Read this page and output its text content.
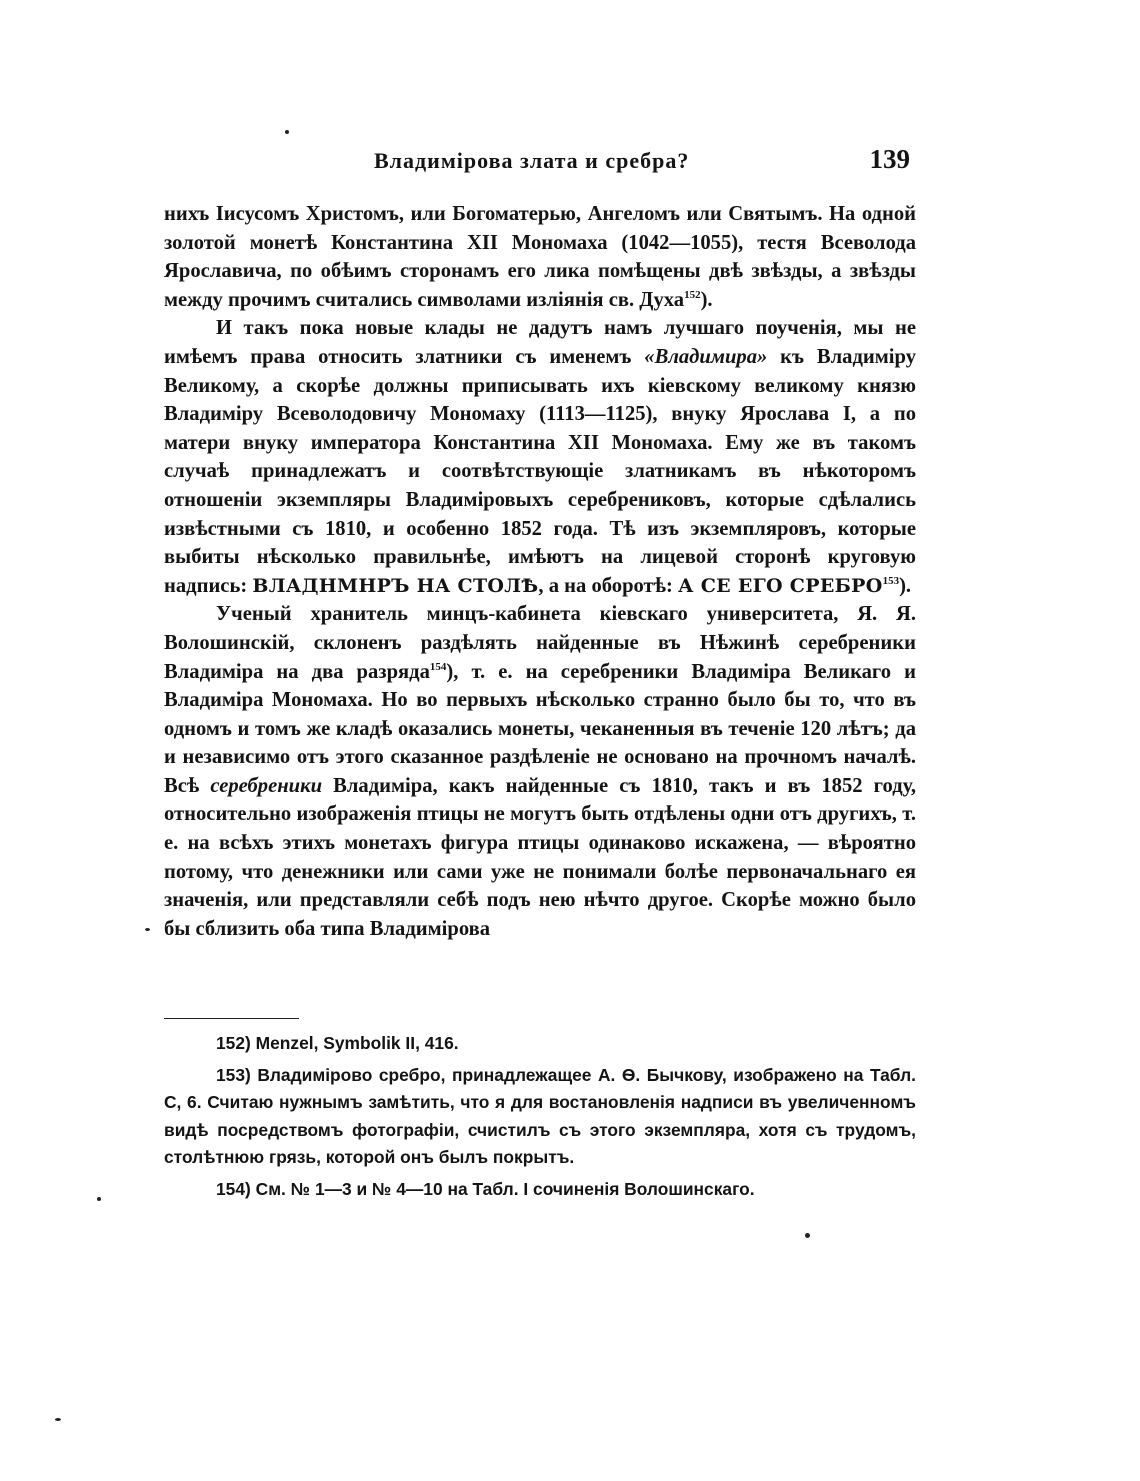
Владимірова злата и сребра?	139

нихъ Іисусомъ Христомъ, или Богоматерью, Ангеломъ или Святымъ. На одной золотой монетѣ Константина XII Мономаха (1042—1055), тестя Всеволода Ярославича, по обѣимъ сторонамъ его лика помѣщены двѣ звѣзды, а звѣзды между прочимъ считались символами изліянія св. Духа$^{152}$).

И такъ пока новые клады не дадутъ намъ лучшаго поученія, мы не имѣемъ права относить златники съ именемъ «Владимира» къ Владиміру Великому, а скорѣе должны приписывать ихъ кіевскому великому князю Владиміру Всеволодовичу Мономаху (1113—1125), внуку Ярослава I, а по матери внуку императора Константина XII Мономаха. Ему же въ такомъ случаѣ принадлежатъ и соотвѣтствующіе златникамъ въ нѣкоторомъ отношеніи экземпляры Владиміровыхъ серебрениковъ, которые сдѣлались извѣстными съ 1810, и особенно 1852 года. Тѣ изъ экземпляровъ, которые выбиты нѣсколько правильнѣе, имѣютъ на лицевой сторонѣ круговую надпись: ВЛАДНМНРЪ НА СТОЛѢ, а на оборотѣ: А СЕ ЕГО СРЕБРО$^{153}$).

Ученый хранитель минцъ-кабинета кіевскаго университета, Я. Я. Волошинскій, склоненъ раздѣлять найденные въ Нѣжинѣ серебреники Владиміра на два разряда$^{154}$), т. е. на серебреники Владиміра Великаго и Владиміра Мономаха. Но во первыхъ нѣсколько странно было бы то, что въ одномъ и томъ же кладѣ оказались монеты, чеканенныя въ теченіе 120 лѣтъ; да и независимо отъ этого сказанное раздѣленіе не основано на прочномъ началѣ. Всѣ серебреники Владиміра, какъ найденные съ 1810, такъ и въ 1852 году, относительно изображенія птицы не могутъ быть отдѣлены одни отъ другихъ, т. е. на всѣхъ этихъ монетахъ фигура птицы одинаково искажена, — вѣроятно потому, что денежники или сами уже не понимали болѣе первоначальнаго ея значенія, или представляли себѣ подъ нею нѣчто другое. Скорѣе можно было бы сблизить оба типа Владимірова

152) Menzel, Symbolik II, 416.

153) Владимірово сребро, принадлежащее А. Ѳ. Бычкову, изображено на Табл. С, 6. Считаю нужнымъ замѣтить, что я для востановленія надписи въ увеличенномъ видѣ посредствомъ фотографіи, счистилъ съ этого экземпляра, хотя съ трудомъ, столѣтнюю грязь, которой онъ былъ покрытъ.

154) См. № 1—3 и № 4—10 на Табл. I сочиненія Волошинскаго.
